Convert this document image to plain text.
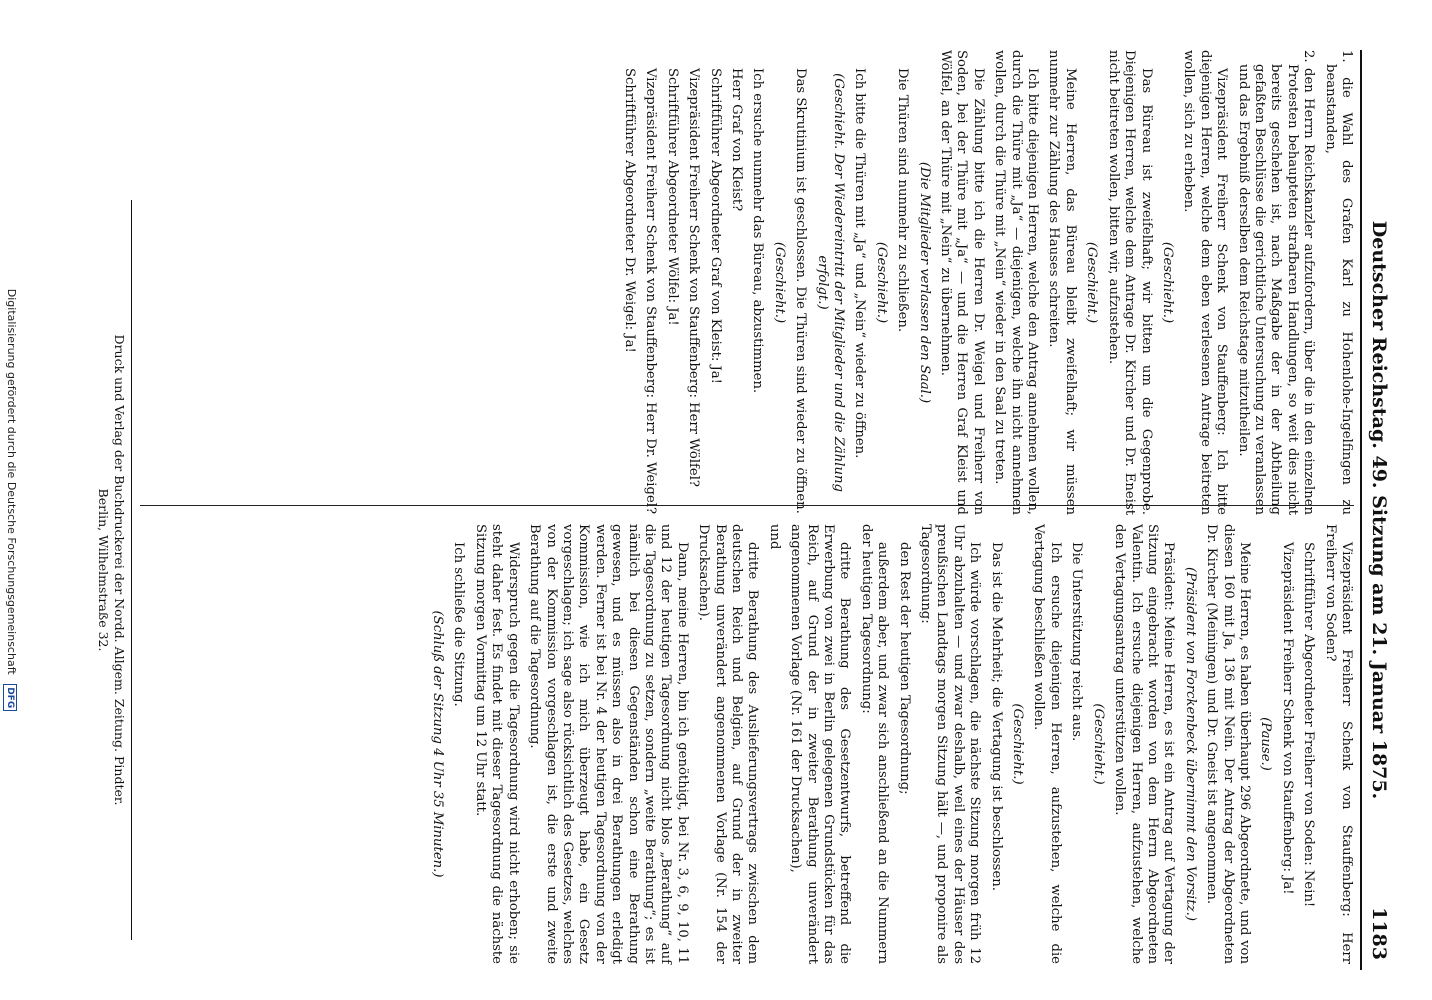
Deutscher Reichstag. 49. Sitzung am 21. Januar 1875.
1183

1. die Wahl des Grafen Karl zu Hohenlohe-Ingelfingen zu beanstanden,

2. den Herrn Reichskanzler aufzufordern, über die in den einzelnen Protesten behaupteten strafbaren Handlungen, so weit dies nicht bereits geschehen ist, nach Maßgabe der in der Abtheilung gefaßten Beschlüsse die gerichtliche Untersuchung zu veranlassen und das Ergebniß derselben dem Reichstage mitzutheilen.

Vizepräsident Freiherr Schenk von Stauffenberg: Ich bitte diejenigen Herren, welche dem eben verlesenen Antrage beitreten wollen, sich zu erheben.

(Geschieht.)

Das Büreau ist zweifelhaft; wir bitten um die Gegenprobe. Diejenigen Herren, welche dem Antrage Dr. Kircher und Dr. Eneist nicht beitreten wollen, bitten wir, aufzustehen.

(Geschieht.)

Meine Herren, das Büreau bleibt zweifelhaft; wir müssen nunmehr zur Zählung des Hauses schreiten.

Ich bitte diejenigen Herren, welche den Antrag annehmen wollen, durch die Thüre mit „Ja“ — diejenigen, welche ihn nicht annehmen wollen, durch die Thüre mit „Nein“ wieder in den Saal zu treten.

Die Zählung bitte ich die Herren Dr. Weigel und Freiherr von Soden, bei der Thüre mit „Ja“ — und die Herren Graf Kleist und Wölfel, an der Thüre mit „Nein“ zu übernehmen.

(Die Mitglieder verlassen den Saal.)

Die Thüren sind nunmehr zu schließen.

(Geschieht.)

Ich bitte die Thüren mit „Ja“ und „Nein“ wieder zu öffnen.

(Geschieht. Der Wiedereintritt der Mitglieder und die Zählung erfolgt.)

Das Skrutinium ist geschlossen. Die Thüren sind wieder zu öffnen.

(Geschieht.)

Ich ersuche nunmehr das Büreau, abzustimmen.

Herr Graf von Kleist?

Schriftführer Abgeordneter Graf von Kleist: Ja!

Vizepräsident Freiherr Schenk von Stauffenberg: Herr Wölfel?

Schriftführer Abgeordneter Wölfel: Ja!

Vizepräsident Freiherr Schenk von Stauffenberg: Herr Dr. Weigel?

Schriftführer Abgeordneter Dr. Weigel: Ja!

Vizepräsident Freiherr Schenk von Stauffenberg: Herr Freiherr von Soden?

Schriftführer Abgeordneter Freiherr von Soden: Nein!

Vizepräsident Freiherr Schenk von Stauffenberg: Ja!

(Pause.)

Meine Herren, es haben überhaupt 296 Abgeordnete, und von diesen 160 mit Ja, 136 mit Nein. Der Antrag der Abgeordneten Dr. Kircher (Meiningen) und Dr. Gneist ist angenommen.

(Präsident von Forckenbeck übernimmt den Vorsitz.)

Präsident: Meine Herren, es ist ein Antrag auf Vertagung der Sitzung eingebracht worden von dem Herrn Abgeordneten Valentin. Ich ersuche diejenigen Herren, aufzustehen, welche den Vertagungsantrag unterstützen wollen.

(Geschieht.)

Die Unterstützung reicht aus.

Ich ersuche diejenigen Herren, aufzustehen, welche die Vertagung beschließen wollen.

(Geschieht.)

Das ist die Mehrheit; die Vertagung ist beschlossen.

Ich würde vorschlagen, die nächste Sitzung morgen früh 12 Uhr abzuhalten — und zwar deshalb, weil eines der Häuser des preußischen Landtags morgen Sitzung hält —, und proponire als Tagesordnung:

den Rest der heutigen Tagesordnung;

außerdem aber, und zwar sich anschließend an die Nummern der heutigen Tagesordnung:

dritte Berathung des Gesetzentwurfs, betreffend die Erwerbung von zwei in Berlin gelegenen Grundstücken für das Reich, auf Grund der in zweiter Berathung unverändert angenommenen Vorlage (Nr. 161 der Drucksachen),

und

dritte Berathung des Auslieferungsvertrags zwischen dem deutschen Reich und Belgien, auf Grund der in zweiter Berathung unverändert angenommenen Vorlage (Nr. 154 der Drucksachen).

Dann, meine Herren, bin ich genöthigt, bei Nr. 3, 6, 9, 10, 11 und 12 der heutigen Tagesordnung nicht blos „Berathung“ auf die Tagesordnung zu setzen, sondern „weite Berathung“; es ist nämlich bei diesen Gegenständen schon eine Berathung gewesen, und es müssen also in drei Berathungen erledigt werden. Ferner ist bei Nr. 4 der heutigen Tagesordnung von der Kommission, wie ich mich überzeugt habe, ein Gesetz vorgeschlagen; ich sage also rücksichtlich des Gesetzes, welches von der Kommission vorgeschlagen ist, die erste und zweite Berathung auf die Tagesordnung.

Widerspruch gegen die Tagesordnung wird nicht erhoben; sie steht daher fest. Es findet mit dieser Tagesordnung die nächste Sitzung morgen Vormittag um 12 Uhr statt.

Ich schließe die Sitzung.

(Schluß der Sitzung 4 Uhr 35 Minuten.)

Druck und Verlag der Buchdruckerei der Nordd. Allgem. Zeitung. Pindter.
Berlin, Wilhelmstraße 32.
Digitalisierung gefördert durch die Deutsche Forschungsgemeinschaft DFG
